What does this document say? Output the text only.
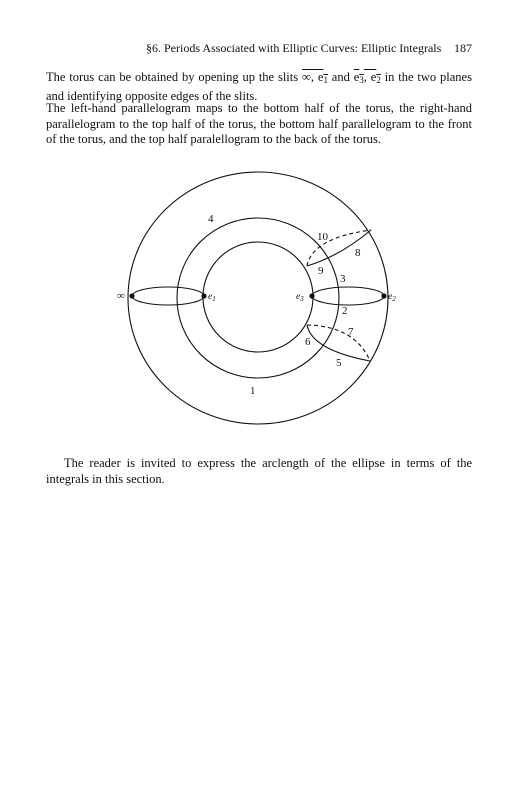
§6. Periods Associated with Elliptic Curves: Elliptic Integrals 187
The torus can be obtained by opening up the slits ∞, $e_1$ and $e_3$, $e_2$ in the two planes and identifying opposite edges of the slits.
The left-hand parallelogram maps to the bottom half of the torus, the right-hand parallelogram to the top half of the torus, the bottom half parallelogram to the front of the torus, and the top half paralellogram to the back of the torus.
∞	$e_1$	$e_3$	$e_2$
1
2
3
4
5
6
7
8
9
10
The reader is invited to express the arclength of the ellipse in terms of the integrals in this section.
